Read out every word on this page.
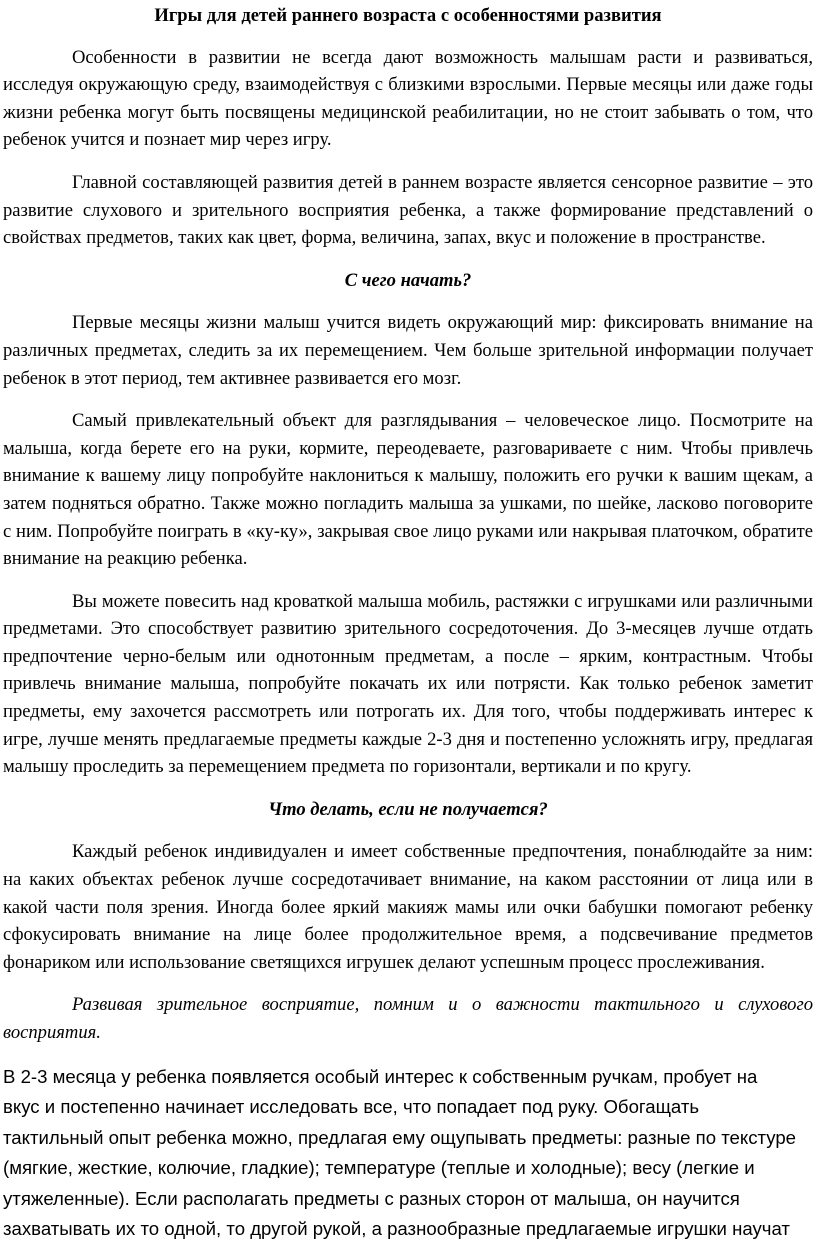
Игры для детей раннего возраста с особенностями развития

Особенности в развитии не всегда дают возможность малышам расти и развиваться, исследуя окружающую среду, взаимодействуя с близкими взрослыми. Первые месяцы или даже годы жизни ребенка могут быть посвящены медицинской реабилитации, но не стоит забывать о том, что ребенок учится и познает мир через игру.

Главной составляющей развития детей в раннем возрасте является сенсорное развитие – это развитие слухового и зрительного восприятия ребенка, а также формирование представлений о свойствах предметов, таких как цвет, форма, величина, запах, вкус и положение в пространстве.

С чего начать?

Первые месяцы жизни малыш учится видеть окружающий мир: фиксировать внимание на различных предметах, следить за их перемещением. Чем больше зрительной информации получает ребенок в этот период, тем активнее развивается его мозг.

Самый привлекательный объект для разглядывания – человеческое лицо. Посмотрите на малыша, когда берете его на руки, кормите, переодеваете, разговариваете с ним. Чтобы привлечь внимание к вашему лицу попробуйте наклониться к малышу, положить его ручки к вашим щекам, а затем подняться обратно. Также можно погладить малыша за ушками, по шейке, ласково поговорите с ним. Попробуйте поиграть в «ку-ку», закрывая свое лицо руками или накрывая платочком, обратите внимание на реакцию ребенка.

Вы можете повесить над кроваткой малыша мобиль, растяжки с игрушками или различными предметами. Это способствует развитию зрительного сосредоточения. До 3-месяцев лучше отдать предпочтение черно-белым или однотонным предметам, а после – ярким, контрастным. Чтобы привлечь внимание малыша, попробуйте покачать их или потрясти. Как только ребенок заметит предметы, ему захочется рассмотреть или потрогать их. Для того, чтобы поддерживать интерес к игре, лучше менять предлагаемые предметы каждые 2-3 дня и постепенно усложнять игру, предлагая малышу проследить за перемещением предмета по горизонтали, вертикали и по кругу.

Что делать, если не получается?

Каждый ребенок индивидуален и имеет собственные предпочтения, понаблюдайте за ним: на каких объектах ребенок лучше сосредотачивает внимание, на каком расстоянии от лица или в какой части поля зрения. Иногда более яркий макияж мамы или очки бабушки помогают ребенку сфокусировать внимание на лице более продолжительное время, а подсвечивание предметов фонариком или использование светящихся игрушек делают успешным процесс прослеживания.

Развивая зрительное восприятие, помним и о важности тактильного и слухового восприятия.

В 2-3 месяца у ребенка появляется особый интерес к собственным ручкам, пробует на
вкус и постепенно начинает исследовать все, что попадает под руку. Обогащать
тактильный опыт ребенка можно, предлагая ему ощупывать предметы: разные по текстуре
(мягкие, жесткие, колючие, гладкие); температуре (теплые и холодные); весу (легкие и
утяжеленные). Если располагать предметы с разных сторон от малыша, он научится
захватывать их то одной, то другой рукой, а разнообразные предлагаемые игрушки научат
